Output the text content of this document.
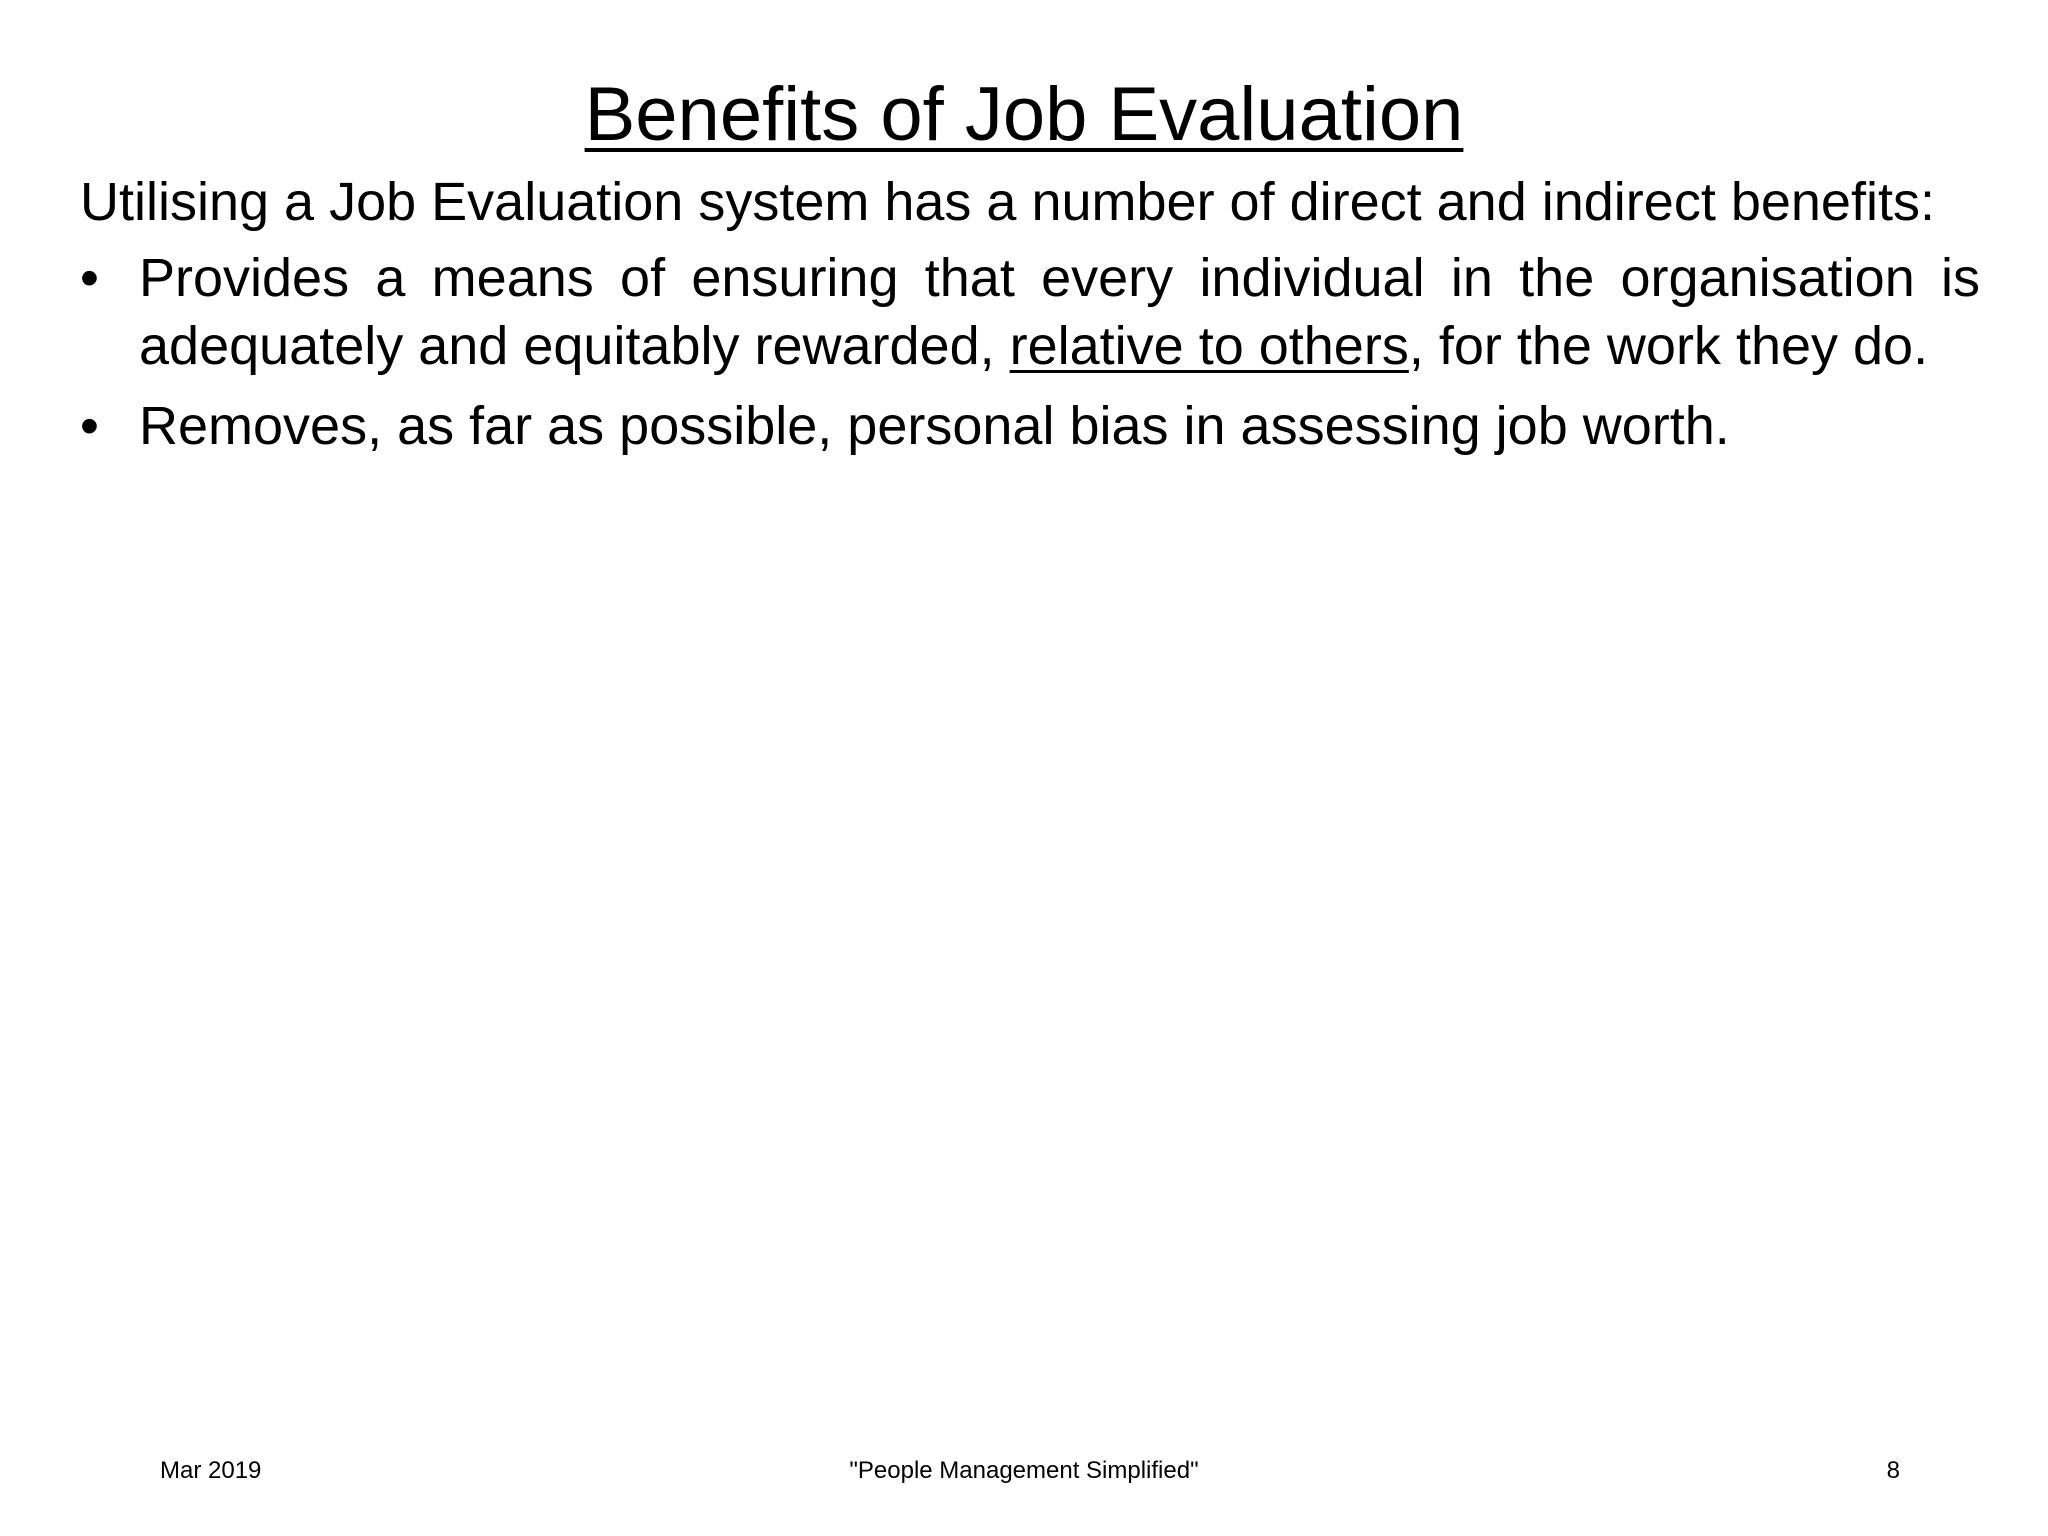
Benefits of Job Evaluation

Utilising a Job Evaluation system has a number of direct and indirect benefits:

• Provides a means of ensuring that every individual in the organisation is adequately and equitably rewarded, relative to others, for the work they do.
• Removes, as far as possible, personal bias in assessing job worth.
Mar 2019	"People Management Simplified"	8
